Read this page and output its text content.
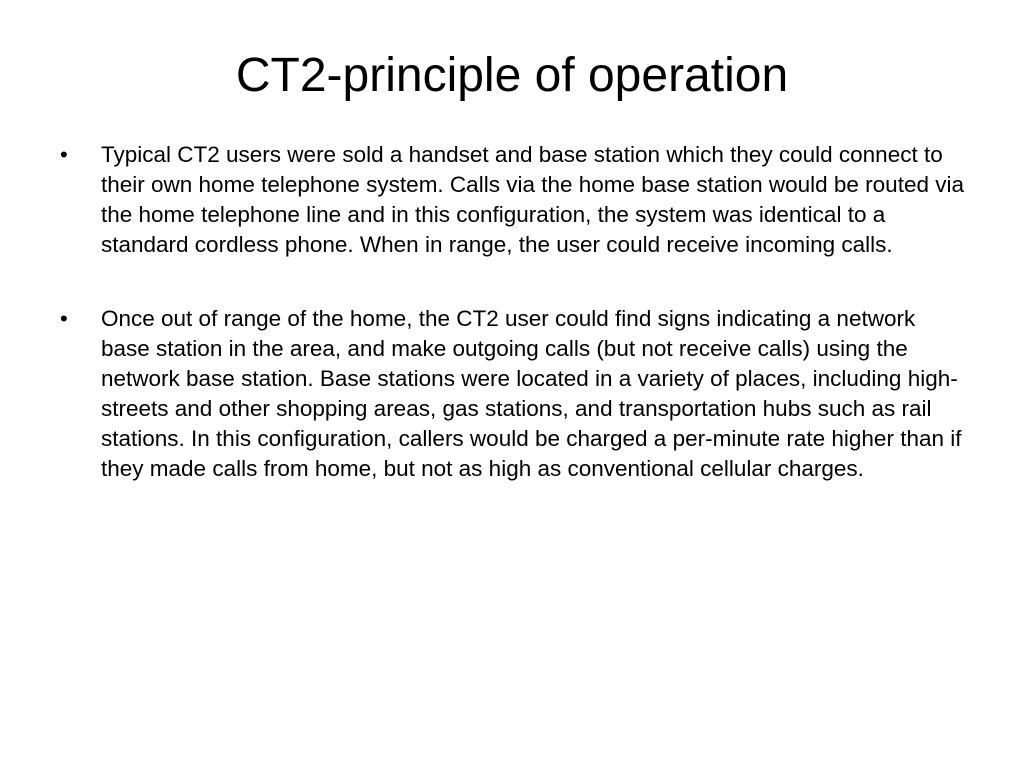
CT2-principle of operation
•	Typical CT2 users were sold a handset and base station which they could connect to their own home telephone system. Calls via the home base station would be routed via the home telephone line and in this configuration, the system was identical to a standard cordless phone. When in range, the user could receive incoming calls.
•	Once out of range of the home, the CT2 user could find signs indicating a network base station in the area, and make outgoing calls (but not receive calls) using the network base station. Base stations were located in a variety of places, including high-streets and other shopping areas, gas stations, and transportation hubs such as rail stations. In this configuration, callers would be charged a per-minute rate higher than if they made calls from home, but not as high as conventional cellular charges.
